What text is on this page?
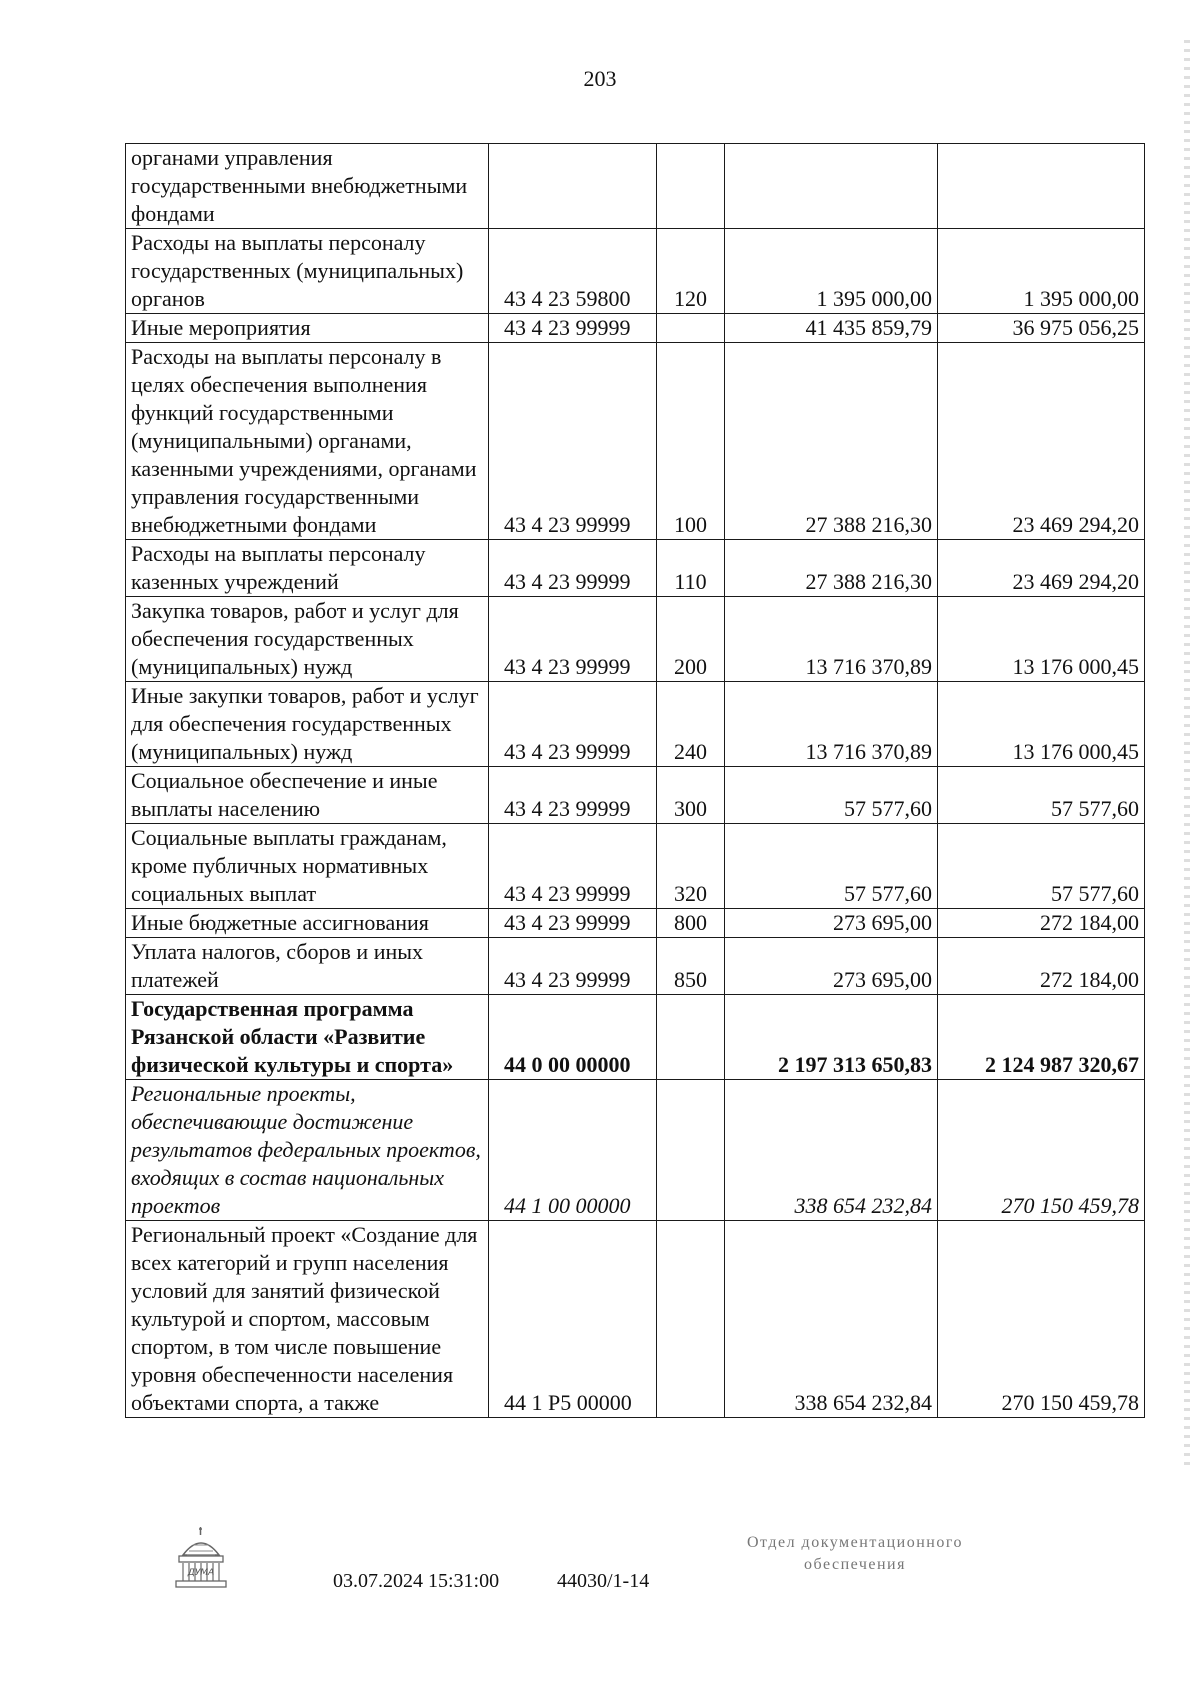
203
органами управления государственными внебюджетными фондами				
Расходы на выплаты персоналу государственных (муниципальных) органов	43 4 23 59800	120	1 395 000,00	1 395 000,00
Иные мероприятия	43 4 23 99999		41 435 859,79	36 975 056,25
Расходы на выплаты персоналу в целях обеспечения выполнения функций государственными (муниципальными) органами, казенными учреждениями, органами управления государственными внебюджетными фондами	43 4 23 99999	100	27 388 216,30	23 469 294,20
Расходы на выплаты персоналу казенных учреждений	43 4 23 99999	110	27 388 216,30	23 469 294,20
Закупка товаров, работ и услуг для обеспечения государственных (муниципальных) нужд	43 4 23 99999	200	13 716 370,89	13 176 000,45
Иные закупки товаров, работ и услуг для обеспечения государственных (муниципальных) нужд	43 4 23 99999	240	13 716 370,89	13 176 000,45
Социальное обеспечение и иные выплаты населению	43 4 23 99999	300	57 577,60	57 577,60
Социальные выплаты гражданам, кроме публичных нормативных социальных выплат	43 4 23 99999	320	57 577,60	57 577,60
Иные бюджетные ассигнования	43 4 23 99999	800	273 695,00	272 184,00
Уплата налогов, сборов и иных платежей	43 4 23 99999	850	273 695,00	272 184,00
Государственная программа Рязанской области «Развитие физической культуры и спорта»	44 0 00 00000		2 197 313 650,83	2 124 987 320,67
Региональные проекты, обеспечивающие достижение результатов федеральных проектов, входящих в состав национальных проектов	44 1 00 00000		338 654 232,84	270 150 459,78
Региональный проект «Создание для всех категорий и групп населения условий для занятий физической культурой и спортом, массовым спортом, в том числе повышение уровня обеспеченности населения объектами спорта, а также	44 1 P5 00000		338 654 232,84	270 150 459,78
ДУМА	03.07.2024 15:31:00	44030/1-14
Отдел документационного
обеспечения
